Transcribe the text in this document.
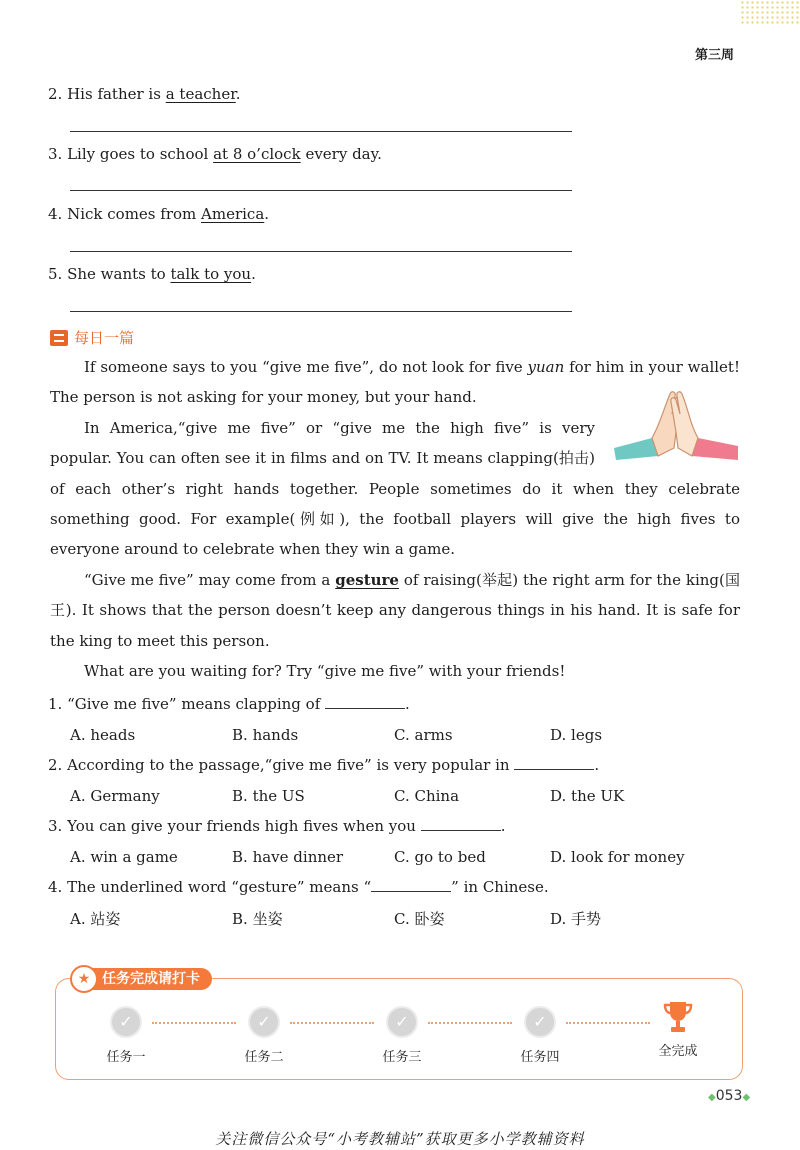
第三周
2. His father is a teacher.
3. Lily goes to school at 8 o’clock every day.
4. Nick comes from America.
5. She wants to talk to you.
每日一篇

If someone says to you “give me five”, do not look for five yuan for him in your wallet! The person is not asking for your money, but your hand.

In America,“give me five” or “give me the high five” is very popular. You can often see it in films and on TV. It means clapping(拍击) of each other’s right hands together. People sometimes do it when they celebrate something good. For example(例如), the football players will give the high fives to everyone around to celebrate when they win a game.

“Give me five” may come from a gesture of raising(举起) the right arm for the king(国王). It shows that the person doesn’t keep any dangerous things in his hand. It is safe for the king to meet this person.

What are you waiting for? Try “give me five” with your friends!

1. “Give me five” means clapping of	.
A. heads	B. hands	C. arms	D. legs
2. According to the passage,“give me five” is very popular in	.
A. Germany	B. the US	C. China	D. the UK
3. You can give your friends high fives when you	.
A. win a game	B. have dinner	C. go to bed	D. look for money
4. The underlined word “gesture” means “	” in Chinese.
A. 站姿	B. 坐姿	C. 卧姿	D. 手势
任务完成请打卡
★
✓
任务一
✓
任务二
✓
任务三
✓
任务四	全完成
◆053◆
关注微信公众号“小考教辅站”获取更多小学教辅资料
